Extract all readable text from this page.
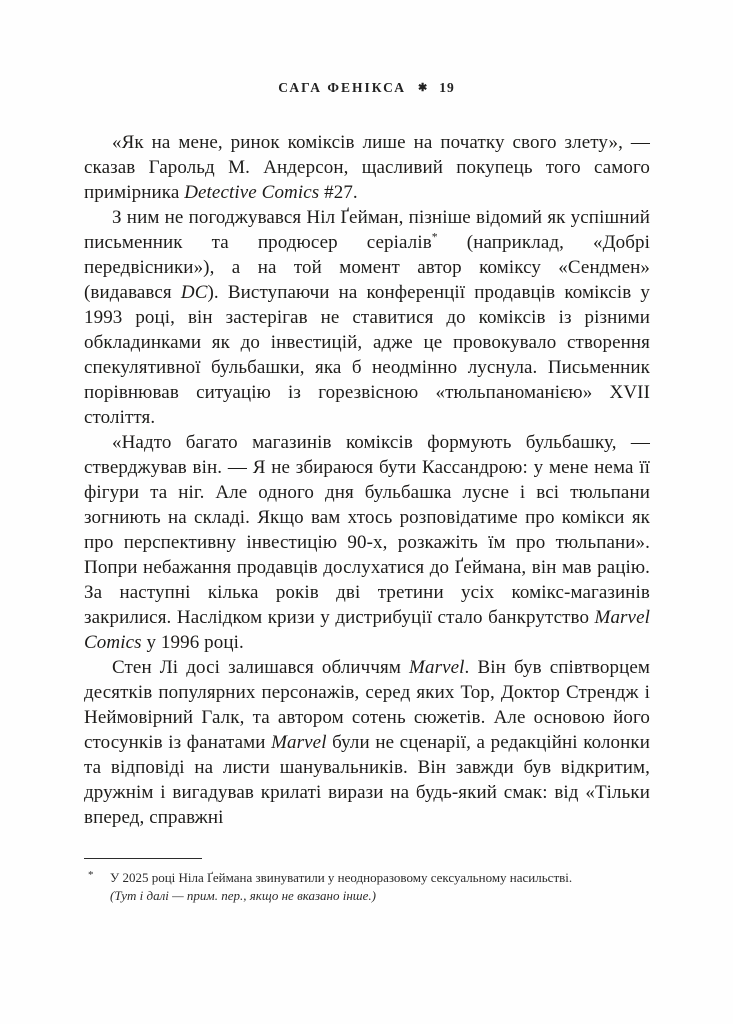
САГА ФЕНІКСА ✱ 19

«Як на мене, ринок коміксів лише на початку свого злету», — сказав Гарольд М. Андерсон, щасливий покупець того самого примірника Detective Comics #27.

З ним не погоджувався Ніл Ґейман, пізніше відомий як успішний письменник та продюсер серіалів* (наприклад, «Добрі передвісники»), а на той момент автор коміксу «Сендмен» (видавався DC). Виступаючи на конференції продавців коміксів у 1993 році, він застерігав не ставитися до коміксів із різними обкладинками як до інвестицій, адже це провокувало створення спекулятивної бульбашки, яка б неодмінно луснула. Письменник порівнював ситуацію із горезвісною «тюльпаноманією» XVII століття.

«Надто багато магазинів коміксів формують бульбашку, — стверджував він. — Я не збираюся бути Кассандрою: у мене нема її фігури та ніг. Але одного дня бульбашка лусне і всі тюльпани зогниють на складі. Якщо вам хтось розповідатиме про комікси як про перспективну інвестицію 90-х, розкажіть їм про тюльпани». Попри небажання продавців дослухатися до Ґеймана, він мав рацію. За наступні кілька років дві третини усіх комікс-магазинів закрилися. Наслідком кризи у дистрибуції стало банкрутство Marvel Comics у 1996 році.

Стен Лі досі залишався обличчям Marvel. Він був співтворцем десятків популярних персонажів, серед яких Тор, Доктор Стрендж і Неймовірний Галк, та автором сотень сюжетів. Але основою його стосунків із фанатами Marvel були не сценарії, а редакційні колонки та відповіді на листи шанувальників. Він завжди був відкритим, дружнім і вигадував крилаті вирази на будь-який смак: від «Тільки вперед, справжні

* У 2025 році Ніла Ґеймана звинуватили у неодноразовому сексуальному насильстві.
(Тут і далі — прим. пер., якщо не вказано інше.)
